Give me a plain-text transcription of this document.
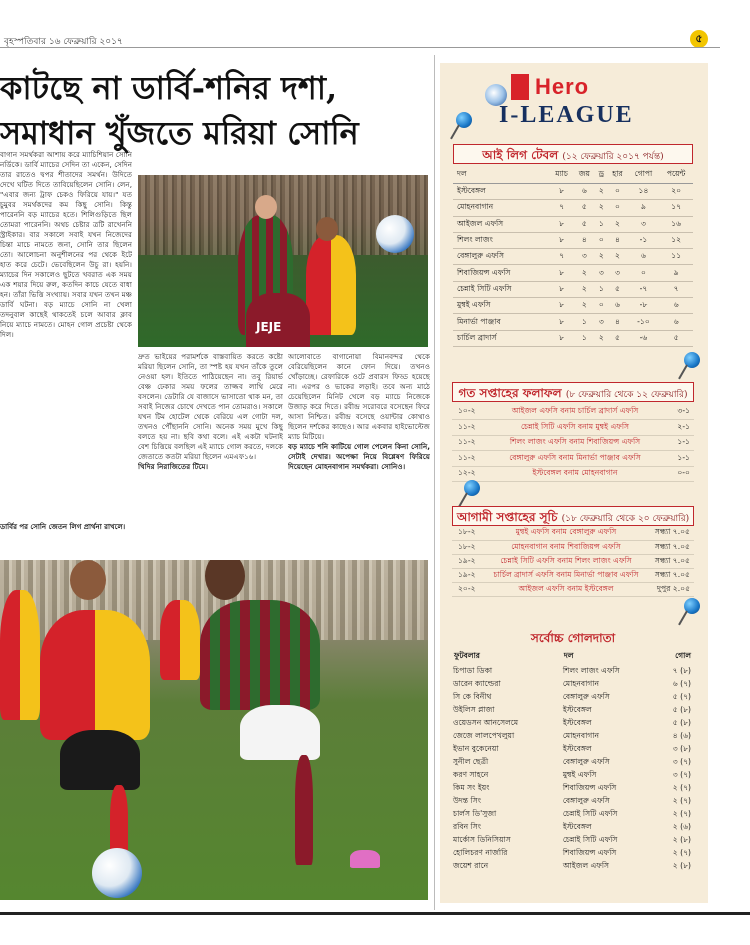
বৃহস্পতিবার ১৬ ফেব্রুয়ারি ২০১৭	৫
কাটছে না ডার্বি-শনির দশা,
সমাধান খুঁজতে মরিয়া সোনি

বাগান সমর্থকরা আশায় করে ম্যাচিশিয়ান সোনি নর্ডিকে। ডার্বি ম্যাচের সেদিন তা একেন, সেদিন তার রাতেও দ্বপর শীতাদের সমর্থন। উদিতে দেখে ঘটিত দিতে তাবিয়েছিলেন সোনি। লেন, "এবার জন্য ট্রাফ চেকও ফিরিয়ে যায়।" যত চুমুবর সমর্থকদের কম কিছু সোনি। কিন্তু পারেননি বড় ম্যাচের হতে। শিলিগুড়িতে ছিল তোমরা পারেননি। অথচ চেষ্টার ত্রটি রাখেননি স্ট্রাইকার। বার সকালে সবাই যখন নিজেদের চিন্তা মাচে নামতে জনা, সোনি তার ছিলেন তো। আলোচনা অনুশীলনের পর থেকে ইটে হাত করে চেটে। ভেবেছিলেন উচু রা। হয়নি। ম্যাচের দিন সকালেও ছুটতে খবরাত এক সময় এক শয়ার দিয়ে রুল, কতদিন কাচে যেতে বাধা হন। তাঁরা ভিত্তি সংখ্যায়। সবার যখন তখন মঞ্চ ডার্বি ঘটনা। বড় ম্যাচে সোনি না খেলা তদনুবাল কাছেই থাকতেই চলে আবার ক্লাব নিয়ে ম্যাচে নামতে। মোহন গোল প্রচেষ্টা থেকে দিল।

ডার্বির পর সোনি জেতন লিগ প্রার্থনা রাখলে।

দ্রুত ভাইয়ের পরামর্শকে বাস্তবায়িত করতে কষ্টো মরিয়া ছিলেন সোনি, তা স্পষ্ট হয় যখন তাঁকে তুলে নেওয়া হল। ইতিতে পাঠিয়েছেন না। তবু রিয়ার্ভ বেঞ্চ ঢেকার সময় ফলের তাজ্জব লাথি মেরে বসলেন। ডেটারি যে বাজাসে ভাসাতো থাক মন, তা সবাই নিজের চোখে দেখতে পান তোমরাও। সকালে যখন টিম হোটেল থেকে বেরিয়ে এল গোটা দল, তখনও পৌঁছাননি সোনি। অনেক সময় মুখে কিছু বলতে হয় না। ছবি কথা বলে। এই একটা ঘটনাই বেশ চিত্তিয়ে বলছিল এই ম্যাচে গোল করতে, দলকে জেতাতে কতটা মরিয়া ছিলেন এমএফ১৬।

খিদির নিরাজিতের টিমে।

আলোবাতে বাগানোয়া বিমানবন্দর থেকে বেরিয়েছিলেন কানে ফোন দিয়ে। তখনও খোঁড়াচ্ছে। রেফারিকে ওটে প্রবারস ফিড্ড হয়েছে না। এরপর ও ভাকের লড়াই। তবে অন্য মাঠে চেয়েছিলেন মিনিট খেলে বড় ম্যাচে নিজেকে উজাড় করে দিতে। রবীন্দ্র সরোবরে বসেছেন ফিরে আসা নিশ্চিত। রবীন্দ্র বসেছে ওয়ান্টার কোথাও ছিলেন দর্শকের কাছেও। আর একবার হাইভোল্টেজ ম্যাচ মিটিয়ে।

বড় ম্যাচে শনি কাটিয়ে গোল পেলেন কিনা সোনি, সেটাই দেখার। অপেক্ষা নিয়ে বিশ্লেষণ ফিরিয়ে দিয়েছেন মোহনবাগান সমর্থকরা। সোনিও।

JEJE
Hero
I-LEAGUE
আই লিগ টেবল (১২ ফেব্রুয়ারি ২০১৭ পর্যন্ত)
দল	ম্যাচ	জয়	ড্র	হার	গোপা	পয়েন্ট
ইস্টবেঙ্গল	৮	৬	২	০	১৪	২০
মোহনবাগান	৭	৫	২	০	৯	১৭
আইজল এফসি	৮	৫	১	২	৩	১৬
শিলং লাজং	৮	৪	০	৪	-১	১২
বেঙ্গালুরু এফসি	৭	৩	২	২	৬	১১
শিবাজিয়ন্স এফসি	৮	২	৩	৩	০	৯
চেন্নাই সিটি এফসি	৮	২	১	৫	-৭	৭
মুম্বই এফসি	৮	২	০	৬	-৮	৬
মিনার্ভা পাঞ্জাব	৮	১	৩	৪	-১০	৬
চার্চিল ব্রাদার্স	৮	১	২	৫	-৬	৫
গত সপ্তাহের ফলাফল (৮ ফেব্রুয়ারি থেকে ১২ ফেব্রুয়ারি)
১০-২	আইজল এফসি বনাম চার্চিল ব্রাদার্স এফসি	৩-১
১১-২	চেন্নাই সিটি এফসি বনাম মুম্বই এফসি	২-১
১১-২	শিলং লাজং এফসি বনাম শিবাজিয়ন্স এফসি	১-১
১১-২	বেঙ্গালুরু এফসি বনাম মিনার্ভা পাঞ্জাব এফসি	১-১
১২-২	ইস্টবেঙ্গল বনাম মোহনবাগান	০-০
আগামী সপ্তাহের সূচি (১৮ ফেব্রুয়ারি থেকে ২০ ফেব্রুয়ারি)
১৮-২	মুম্বই এফসি বনাম বেঙ্গালুরু এফসি	সন্ধ্যা ৭.০৫
১৮-২	মোহনবাগান বনাম শিবাজিয়ন্স এফসি	সন্ধ্যা ৭.০৫
১৯-২	চেন্নাই সিটি এফসি বনাম শিলং লাজং এফসি	সন্ধ্যা ৭.০৫
১৯-২	চার্চিল ব্রাদার্স এফসি বনাম মিনার্ভা পাঞ্জাব এফসি	সন্ধ্যা ৭.০৫
২০-২	আইজল এফসি বনাম ইস্টবেঙ্গল	দুপুর ২.০৫
সর্বোচ্চ গোলদাতা
ফুটবলার	দল	গোল
চিপাডা ডিকা	শিলং লাজং এফসি	৭ (৮)
ডারেন ক্যাল্ডেরা	মোহনবাগান	৬ (৭)
সি কে বিনীথ	বেঙ্গালুরু এফসি	৫ (৭)
উইলিস প্লাজা	ইস্টবেঙ্গল	৫ (৮)
ওয়েডসন আনসেলমে	ইস্টবেঙ্গল	৫ (৮)
জেজে লালপেখলুয়া	মোহনবাগান	৪ (৬)
ইভান বুকেনেয়া	ইস্টবেঙ্গল	৩ (৮)
সুনীল ছেত্রী	বেঙ্গালুরু এফসি	৩ (৭)
করণ সাহনে	মুম্বই এফসি	৩ (৭)
কিম সং ইয়ং	শিবাজিয়ন্স এফসি	২ (৭)
উদন্ত সিং	বেঙ্গালুরু এফসি	২ (৭)
চার্লস ডি'সুজা	চেন্নাই সিটি এফসি	২ (৭)
রবিন সিং	ইস্টবেঙ্গল	২ (৬)
মার্কোস ডিনিসিয়াস	চেন্নাই সিটি এফসি	২ (৮)
হোলিচরণ নার্জারি	শিবাজিয়ন্স এফসি	২ (৭)
জয়েশ রানে	আইজল এফসি	২ (৮)
